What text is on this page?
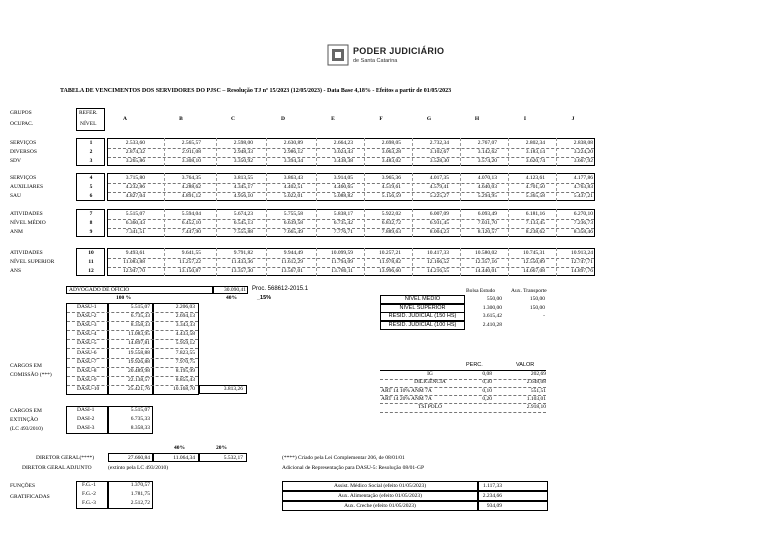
PODER JUDICIÁRIO
de Santa Catarina
TABELA DE VENCIMENTOS DOS SERVIDORES DO PJSC – Resolução TJ nº 15/2023 (12/05/2023) - Data Base 4,18% - Efeitos a partir de 01/05/2023
GRUPOS
OCUPAC.
REFER.
NÍVEL
A	B	C	D	E	F	G	H	I	J
SERVIÇOS
DIVERSOS
SDV
1	2.533,60	2.565,57	2.598,00	2.630,89	2.664,23	2.698,05	2.732,34	2.767,07	2.802,34	2.838,08
2	2.874,32	2.911,08	2.948,33	2.986,12	3.024,43	3.063,28	3.102,67	3.142,62	3.183,14	3.224,20
3	3.265,86	3.308,10	3.350,92	3.394,34	3.438,38	3.483,02	3.528,30	3.574,20	3.620,74	3.667,92
SERVIÇOS
AUXILIARES
SAU
4	3.715,80	3.764,35	3.813,55	3.863,43	3.914,05	3.965,36	4.017,35	4.070,13	4.123,61	4.177,86
5	4.232,86	4.288,62	4.345,17	4.402,51	4.460,65	4.519,61	4.579,41	4.640,03	4.701,50	4.763,83
6	4.827,04	4.891,12	4.956,10	5.022,01	5.088,82	5.156,59	5.225,27	5.294,95	5.365,58	5.437,21
ATIVIDADES
NÍVEL MÉDIO
ANM
7	5.515,07	5.594,04	5.674,23	5.755,58	5.838,17	5.922,02	6.007,09	6.093,49	6.181,16	6.270,10
8	6.360,43	6.452,10	6.545,13	6.639,58	6.735,42	6.832,72	6.931,45	7.031,70	7.133,45	7.236,73
9	7.341,51	7.447,90	7.555,88	7.665,49	7.776,71	7.889,63	8.004,23	8.120,57	8.238,62	8.358,46
ATIVIDADES
NÍVEL SUPERIOR
ANS
10	9.493,61	9.641,55	9.791,82	9.944,49	10.099,59	10.257,21	10.417,33	10.580,02	10.745,31	10.913,24
11	11.083,88	11.257,22	11.433,36	11.612,29	11.794,09	11.978,82	12.166,52	12.357,16	12.550,89	12.747,71
12	12.947,70	13.150,87	13.357,30	13.567,01	13.780,11	13.996,60	14.216,55	14.440,01	14.667,08	14.897,76
ADVOGADO DE OFÍCIO	30.090,41 Proc. 568612-2015.1
100 %	40%	_15%
CARGOS EM
COMISSÃO (***)
DASU-1	5.515,07	2.206,03
DASU-2	6.735,33	2.694,13
DASU-3	8.358,33	3.343,33
DASU-4	11.083,95	4.433,58
DASU-5	14.897,81	5.959,12
DASU-6	19.558,88	7.823,55
DASU-7	19.926,88	7.970,75
DASU-8	20.489,98	8.195,99
DASU-9	22.138,57	8.855,43
DASU-10	25.421,76	10.168,70	3.813,26
CARGOS EM
EXTINÇÃO
(LC 493/2010)
DASI-1	5.515,07
DASI-2	6.735,33
DASI-3	8.358,33
40%	20%
DIRETOR GERAL(****)	27.660,84	11.064,34	5.532,17
DIRETOR GERAL ADJUNTO	(extinto pela LC 493/2010)
FUNÇÕES
GRATIFICADAS
F.G.-1	1.370,57
F.G.-2	1.781,75
F.G.-3	2.512,72
Bolsa Estudo	Aux. Transporte
NÍVEL MÉDIO	550,00	150,00
NÍVEL SUPERIOR	1.300,00	150,00
RESID. JUDICIAL (150 HS)	3.615,42	-
RESID. JUDICIAL (100 HS)	2.410,28
PERC.	VALOR
IG	0,08	202,69
DILIGÊNCIA	0,30	2.648,08
ART 14 10% ANM 7A	0,10	551,51
ART 14 20% ANM 7A	0,20	1.103,01
TSI POLO	2.918,10
(****) Criado pela Lei Complementar 206, de 08/01/01
Adicional de Representação para DASU-5: Resolução 08/01-GP
Assist. Médico Social (efeito 01/05/2023)	1.117,33
Aux. Alimentação (efeito 01/05/2023)	2.234,66
Aux. Creche (efeito 01/05/2023)	934,09
